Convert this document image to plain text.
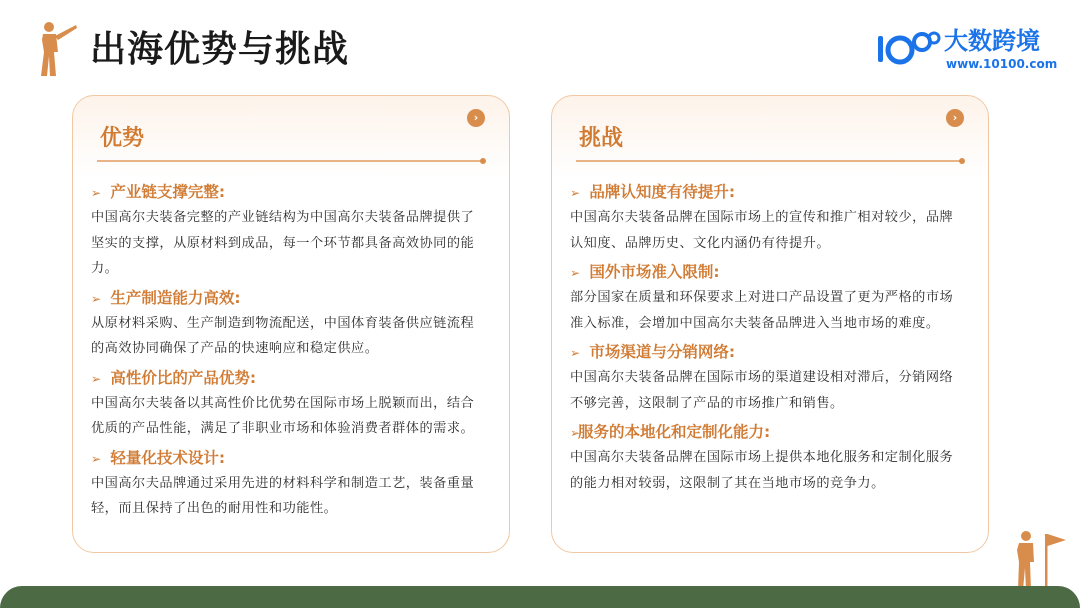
出海优势与挑战	大数跨境
www.10100.com
›
优势
➢ 产业链支撑完整:
中国高尔夫装备完整的产业链结构为中国高尔夫装备品牌提供了坚实的支撑，从原材料到成品，每一个环节都具备高效协同的能力。
➢ 生产制造能力高效:
从原材料采购、生产制造到物流配送，中国体育装备供应链流程的高效协同确保了产品的快速响应和稳定供应。
➢ 高性价比的产品优势:
中国高尔夫装备以其高性价比优势在国际市场上脱颖而出，结合优质的产品性能，满足了非职业市场和体验消费者群体的需求。
➢ 轻量化技术设计:
中国高尔夫品牌通过采用先进的材料科学和制造工艺，装备重量轻，而且保持了出色的耐用性和功能性。
›
挑战
➢ 品牌认知度有待提升:
中国高尔夫装备品牌在国际市场上的宣传和推广相对较少，品牌认知度、品牌历史、文化内涵仍有待提升。
➢ 国外市场准入限制:
部分国家在质量和环保要求上对进口产品设置了更为严格的市场准入标准，会增加中国高尔夫装备品牌进入当地市场的难度。
➢ 市场渠道与分销网络:
中国高尔夫装备品牌在国际市场的渠道建设相对滞后，分销网络不够完善，这限制了产品的市场推广和销售。
➢服务的本地化和定制化能力:
中国高尔夫装备品牌在国际市场上提供本地化服务和定制化服务的能力相对较弱，这限制了其在当地市场的竞争力。
